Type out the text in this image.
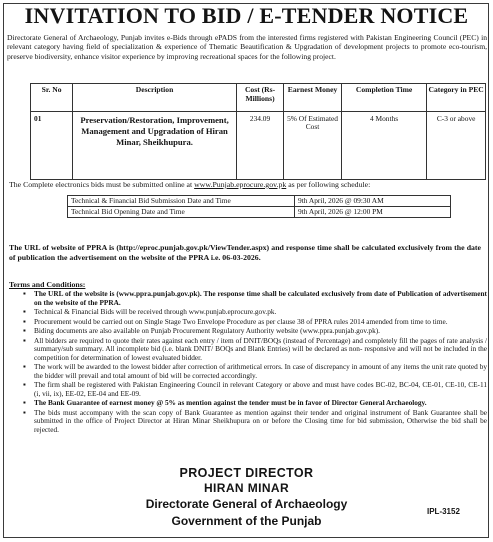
INVITATION TO BID / E-TENDER NOTICE
Directorate General of Archaeology, Punjab invites e-Bids through ePADS from the interested firms registered with Pakistan Engineering Council (PEC) in relevant category having field of specialization & experience of Thematic Beautification & Upgradation of development projects to promote eco-tourism, preserve biodiversity, enhance visitor experience by improving recreational spaces for the following project.
Sr. No	Description	Cost (Rs-Millions)	Earnest Money	Completion Time	Category in PEC
01	Preservation/Restoration, Improvement, Management and Upgradation of Hiran Minar, Sheikhupura.	234.09	5% Of Estimated Cost	4 Months	C-3 or above
The Complete electronics bids must be submitted online at www.Punjab.eprocure.gov.pk as per following schedule:
Technical & Financial Bid Submission Date and Time	9th April, 2026 @ 09:30 AM
Technical Bid Opening Date and Time	9th April, 2026 @ 12:00 PM
The URL of website of PPRA is (http://eproc.punjab.gov.pk/ViewTender.aspx) and response time shall be calculated exclusively from the date of publication the advertisement on the website of the PPRA i.e. 06-03-2026.
Terms and Conditions:
▪ The URL of the website is (www.ppra.punjab.gov.pk). The response time shall be calculated exclusively from date of Publication of advertisement on the website of the PPRA.
▪ Technical & Financial Bids will be received through www.punjab.eprocure.gov.pk.
▪ Procurement would be carried out on Single Stage Two Envelope Procedure as per clause 38 of PPRA rules 2014 amended from time to time.
▪ Biding documents are also available on Punjab Procurement Regulatory Authority website (www.ppra.punjab.gov.pk).
▪ All bidders are required to quote their rates against each entry / item of DNIT/BOQs (instead of Percentage) and completely fill the pages of rate analysis / summary/sub summary. All incomplete bid (i.e. blank DNIT/ BOQs and Blank Entries) will be declared as non- responsive and will not be included in the competition for determination of lowest evaluated bidder.
▪ The work will be awarded to the lowest bidder after correction of arithmetical errors. In case of discrepancy in amount of any items the unit rate quoted by the bidder will prevail and total amount of bid will be corrected accordingly.
▪ The firm shall be registered with Pakistan Engineering Council in relevant Category or above and must have codes BC-02, BC-04, CE-01, CE-10, CE-11 (i, vii, ix), EE-02, EE-04 and EE-09.
▪ The Bank Guarantee of earnest money @ 5% as mention against the tender must be in favor of Director General Archaeology.
▪ The bids must accompany with the scan copy of Bank Guarantee as mention against their tender and original instrument of Bank Guarantee shall be submitted in the office of Project Director at Hiran Minar Sheikhupura on or before the Closing time for bid submission, Otherwise the bid shall be rejected.
PROJECT DIRECTOR
HIRAN MINAR
Directorate General of Archaeology
Government of the Punjab
IPL-3152
